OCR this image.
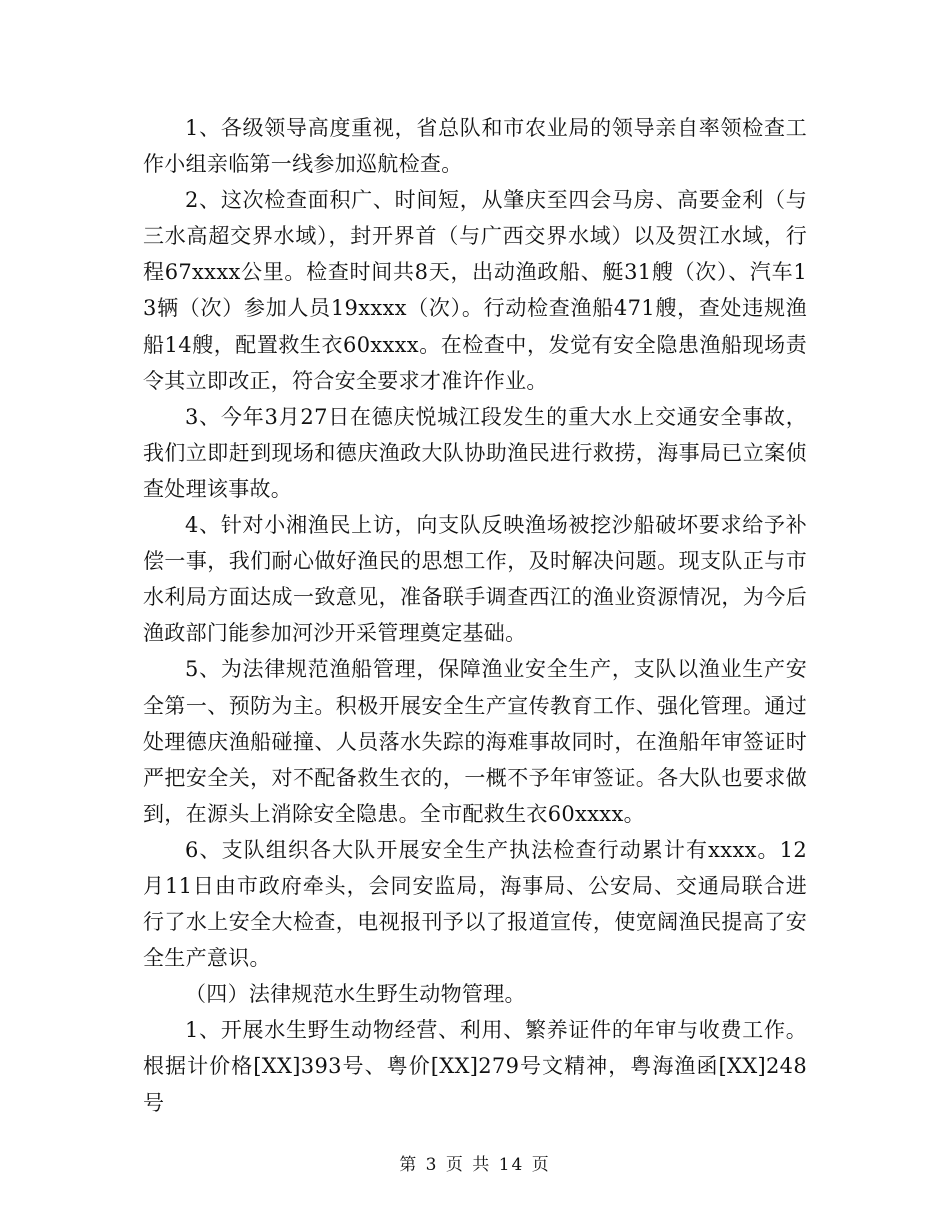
1、各级领导高度重视，省总队和市农业局的领导亲自率领检查工作小组亲临第一线参加巡航检查。

2、这次检查面积广、时间短，从肇庆至四会马房、高要金利（与三水高超交界水域），封开界首（与广西交界水域）以及贺江水域，行程67xxxx公里。检查时间共8天，出动渔政船、艇31艘（次）、汽车13辆（次）参加人员19xxxx（次）。行动检查渔船471艘，查处违规渔船14艘，配置救生衣60xxxx。在检查中，发觉有安全隐患渔船现场责令其立即改正，符合安全要求才准许作业。

3、今年3月27日在德庆悦城江段发生的重大水上交通安全事故，我们立即赶到现场和德庆渔政大队协助渔民进行救捞，海事局已立案侦查处理该事故。

4、针对小湘渔民上访，向支队反映渔场被挖沙船破坏要求给予补偿一事，我们耐心做好渔民的思想工作，及时解决问题。现支队正与市水利局方面达成一致意见，准备联手调查西江的渔业资源情况，为今后渔政部门能参加河沙开采管理奠定基础。

5、为法律规范渔船管理，保障渔业安全生产，支队以渔业生产安全第一、预防为主。积极开展安全生产宣传教育工作、强化管理。通过处理德庆渔船碰撞、人员落水失踪的海难事故同时，在渔船年审签证时严把安全关，对不配备救生衣的，一概不予年审签证。各大队也要求做到，在源头上消除安全隐患。全市配救生衣60xxxx。

6、支队组织各大队开展安全生产执法检查行动累计有xxxx。12月11日由市政府牵头，会同安监局，海事局、公安局、交通局联合进行了水上安全大检查，电视报刊予以了报道宣传，使宽阔渔民提高了安全生产意识。

（四）法律规范水生野生动物管理。

1、开展水生野生动物经营、利用、繁养证件的年审与收费工作。根据计价格[XX]393号、粤价[XX]279号文精神，粤海渔函[XX]248号

第 3 页 共 14 页
